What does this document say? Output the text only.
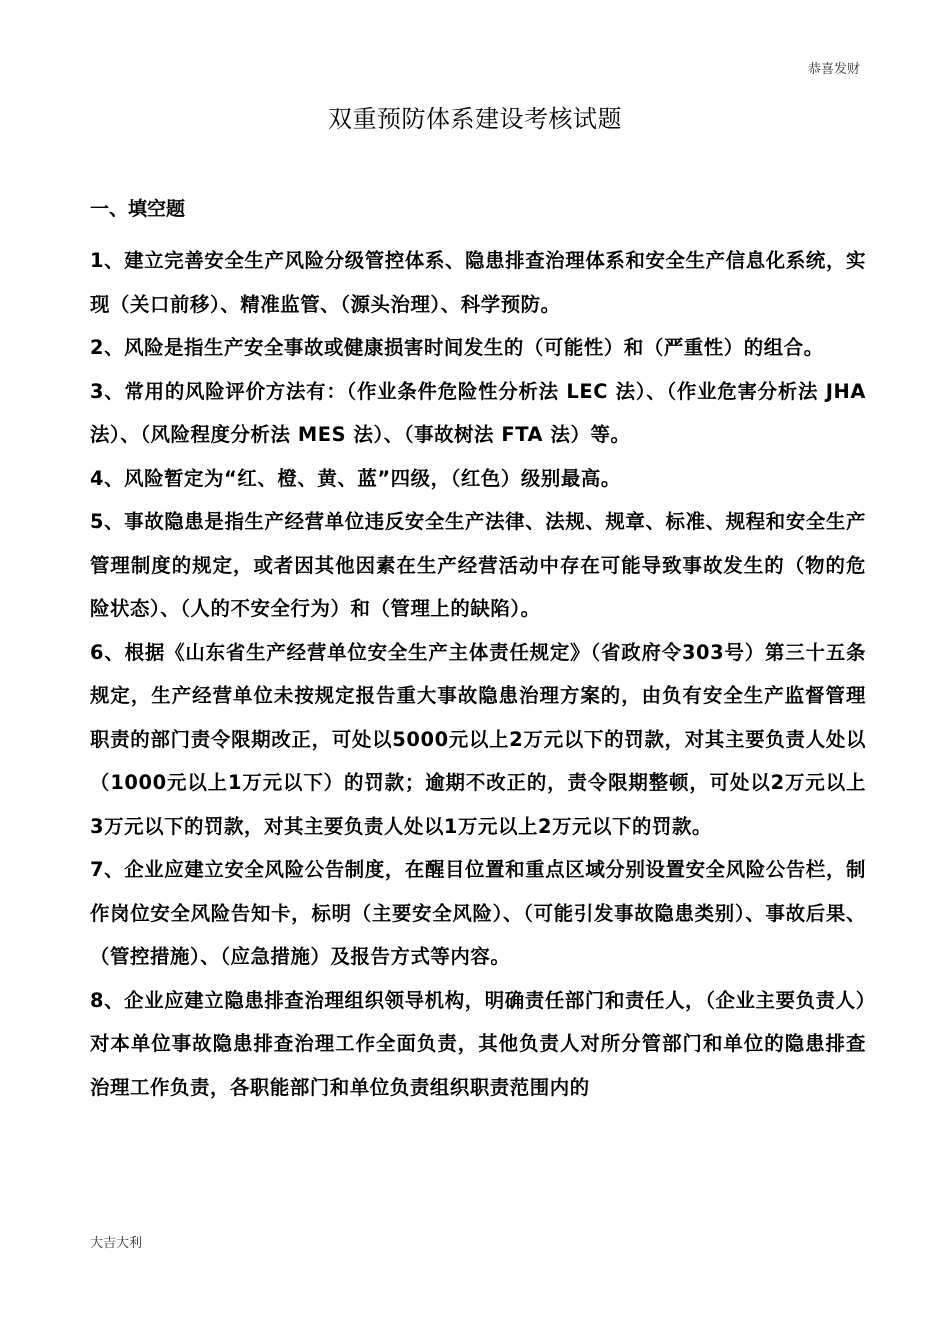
恭喜发财
双重预防体系建设考核试题
一、填空题

1、建立完善安全生产风险分级管控体系、隐患排查治理体系和安全生产信息化系统，实现（关口前移）、精准监管、（源头治理）、科学预防。

2、风险是指生产安全事故或健康损害时间发生的（可能性）和（严重性）的组合。

3、常用的风险评价方法有：（作业条件危险性分析法 LEC 法）、（作业危害分析法 JHA 法）、（风险程度分析法 MES 法）、（事故树法 FTA 法）等。

4、风险暂定为“红、橙、黄、蓝”四级，（红色）级别最高。

5、事故隐患是指生产经营单位违反安全生产法律、法规、规章、标准、规程和安全生产管理制度的规定，或者因其他因素在生产经营活动中存在可能导致事故发生的（物的危险状态）、（人的不安全行为）和（管理上的缺陷）。

6、根据《山东省生产经营单位安全生产主体责任规定》（省政府令303号）第三十五条规定，生产经营单位未按规定报告重大事故隐患治理方案的，由负有安全生产监督管理职责的部门责令限期改正，可处以5000元以上2万元以下的罚款，对其主要负责人处以（1000元以上1万元以下）的罚款；逾期不改正的，责令限期整顿，可处以2万元以上3万元以下的罚款，对其主要负责人处以1万元以上2万元以下的罚款。

7、企业应建立安全风险公告制度，在醒目位置和重点区域分别设置安全风险公告栏，制作岗位安全风险告知卡，标明（主要安全风险）、（可能引发事故隐患类别）、事故后果、（管控措施）、（应急措施）及报告方式等内容。

8、企业应建立隐患排查治理组织领导机构，明确责任部门和责任人，（企业主要负责人）对本单位事故隐患排查治理工作全面负责，其他负责人对所分管部门和单位的隐患排查治理工作负责，各职能部门和单位负责组织职责范围内的

大吉大利
